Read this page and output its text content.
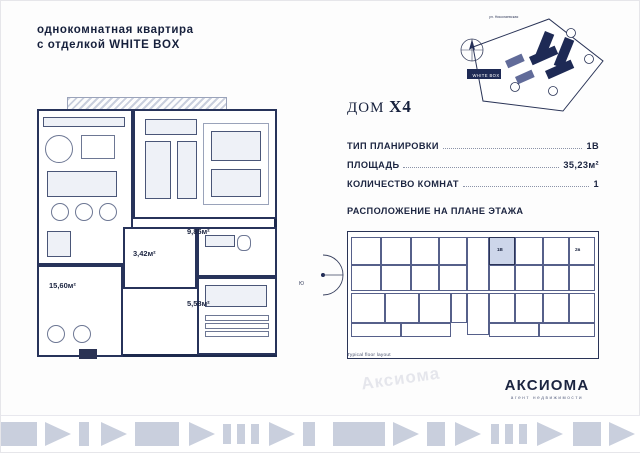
однокомнатная квартира
с отделкой WHITE BOX
9,85м²
3,42м²
15,60м²
5,58м²
WHITE BOX
ул. Николаевская
ДОМ X4
ТИП ПЛАНИРОВКИ	1B
ПЛОЩАДЬ	35,23м²
КОЛИЧЕСТВО КОМНАТ	1
РАСПОЛОЖЕНИЕ НА ПЛАНЕ ЭТАЖА
1В	2в
Typical floor layout
Ю
Аксиома	АКСИОМА
агент недвижимости
